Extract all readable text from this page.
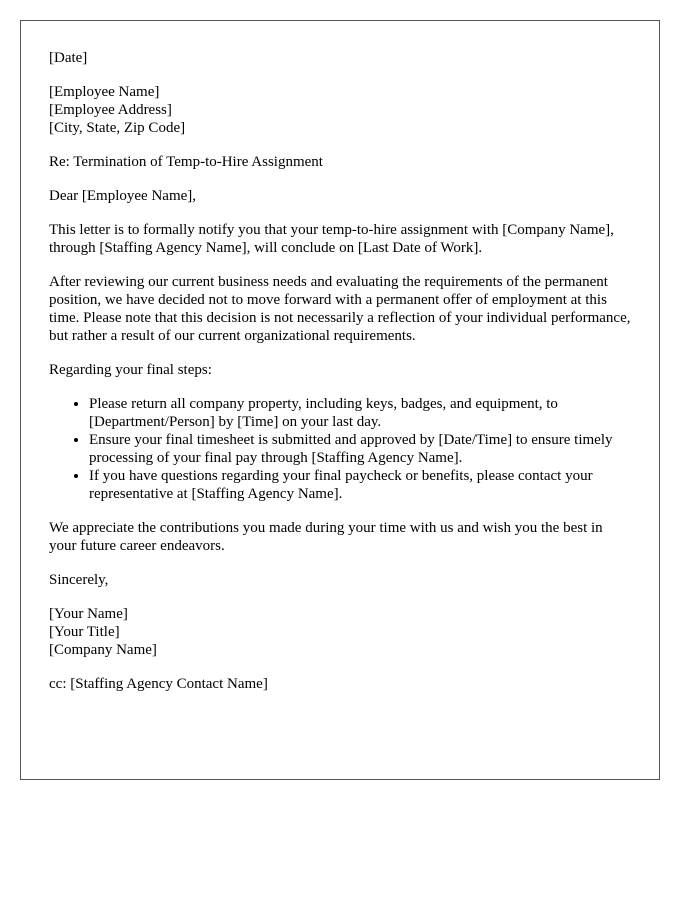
[Date]
[Employee Name]
[Employee Address]
[City, State, Zip Code]

Re: Termination of Temp-to-Hire Assignment

Dear [Employee Name],

This letter is to formally notify you that your temp-to-hire assignment with [Company Name], through [Staffing Agency Name], will conclude on [Last Date of Work].

After reviewing our current business needs and evaluating the requirements of the permanent position, we have decided not to move forward with a permanent offer of employment at this time. Please note that this decision is not necessarily a reflection of your individual performance, but rather a result of our current organizational requirements.

Regarding your final steps:

• Please return all company property, including keys, badges, and equipment, to [Department/Person] by [Time] on your last day.
• Ensure your final timesheet is submitted and approved by [Date/Time] to ensure timely processing of your final pay through [Staffing Agency Name].
• If you have questions regarding your final paycheck or benefits, please contact your representative at [Staffing Agency Name].

We appreciate the contributions you made during your time with us and wish you the best in your future career endeavors.

Sincerely,

[Your Name]
[Your Title]
[Company Name]

cc: [Staffing Agency Contact Name]
